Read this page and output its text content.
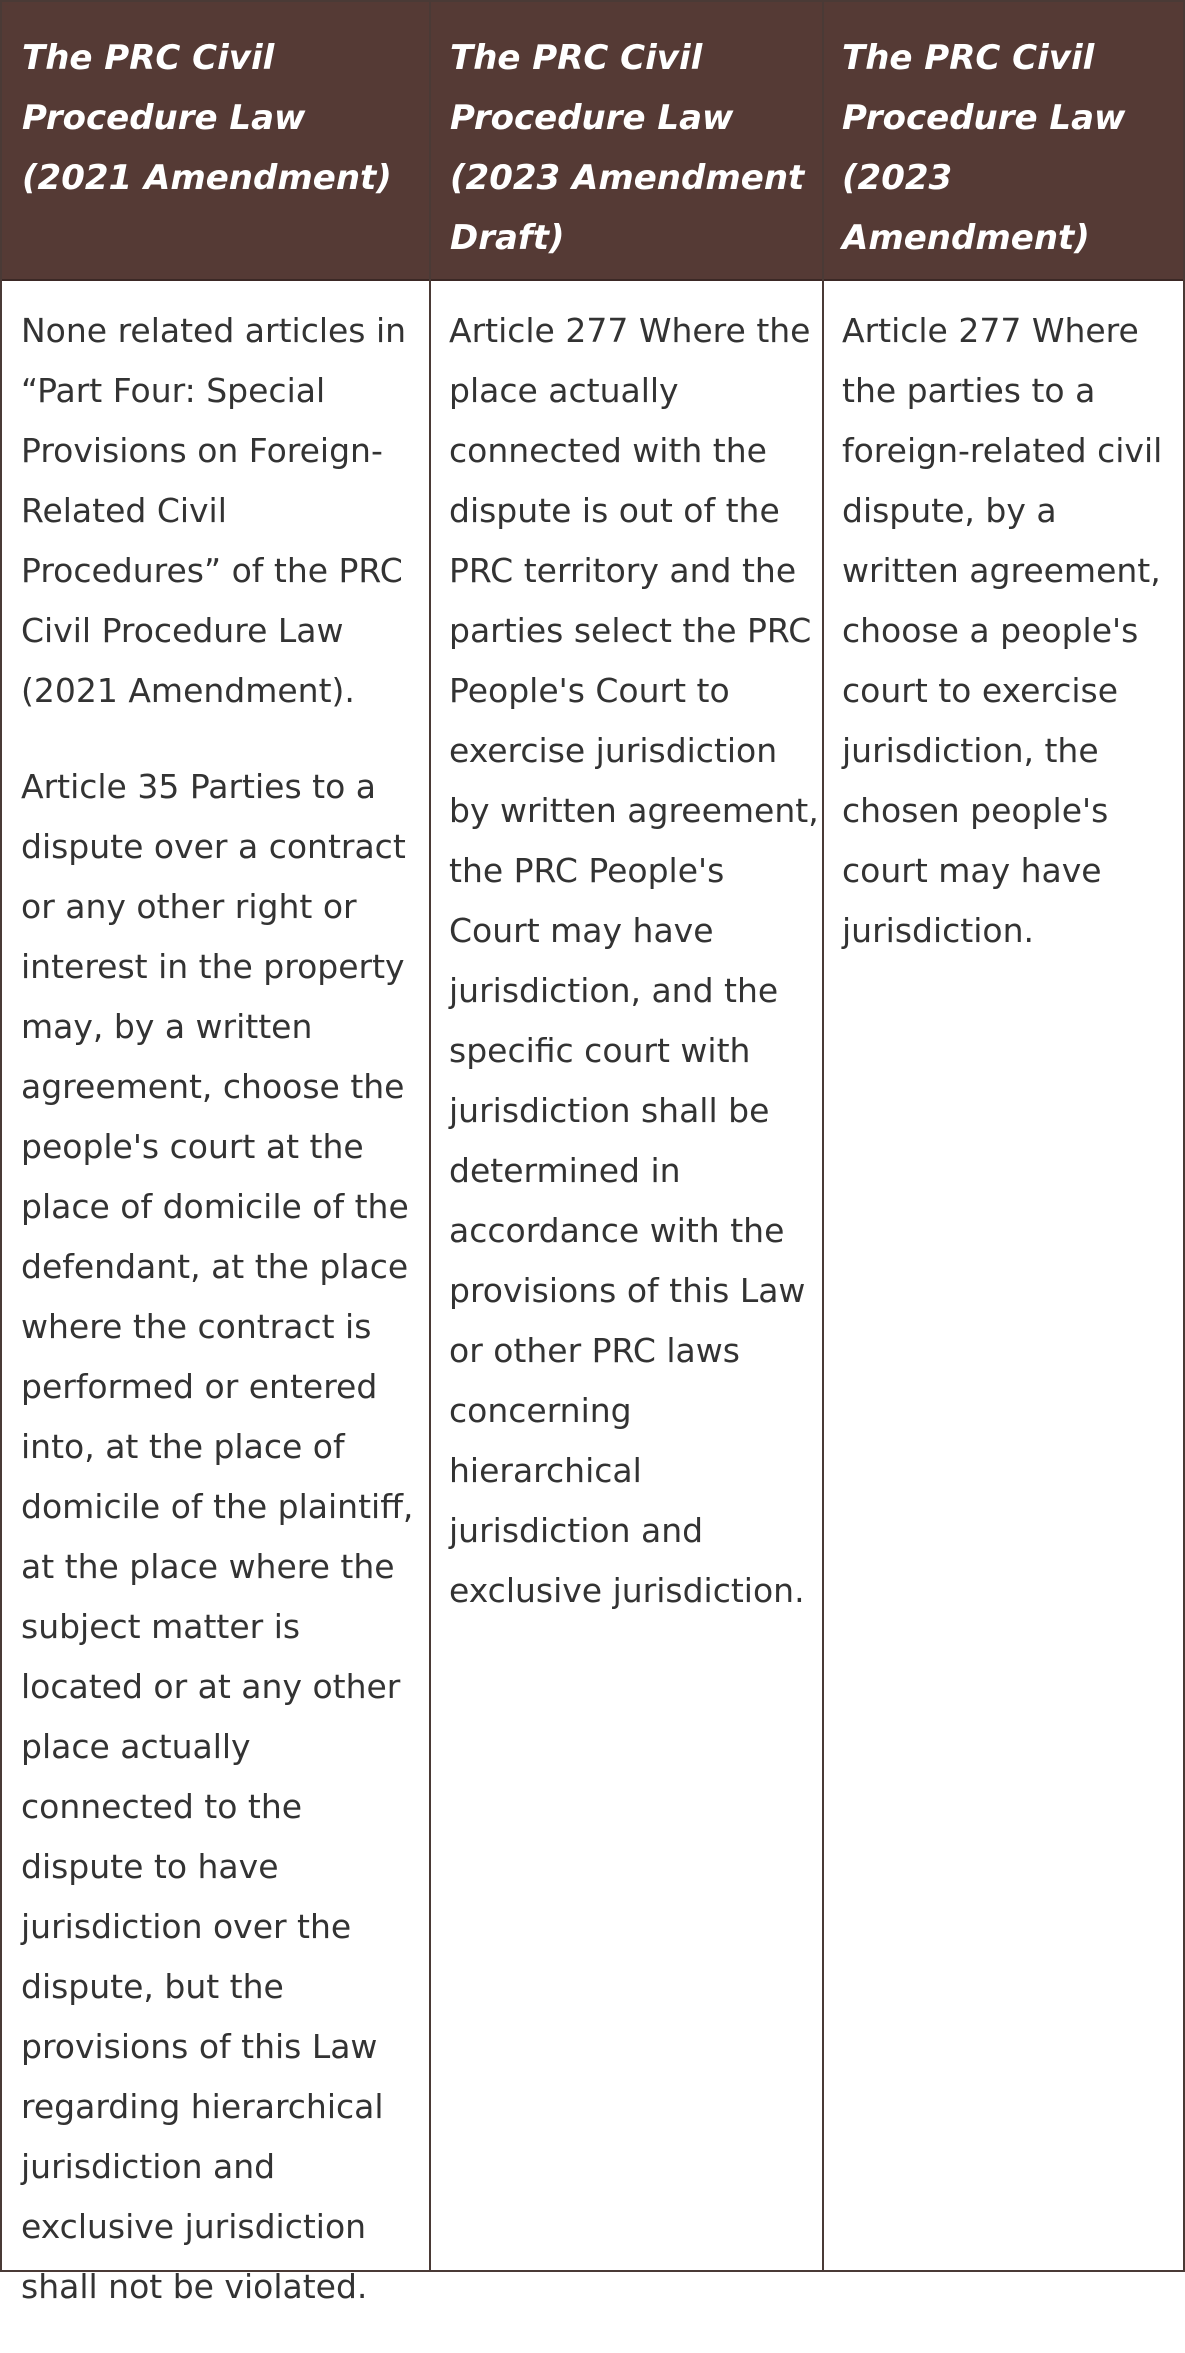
The PRC Civil Procedure Law (2021 Amendment)
The PRC Civil Procedure Law (2023 Amendment Draft)
The PRC Civil Procedure Law (2023 Amendment)

None related articles in “Part Four: Special Provisions on Foreign-Related Civil Procedures” of the PRC Civil Procedure Law (2021 Amendment).

Article 35 Parties to a dispute over a contract or any other right or interest in the property may, by a written agreement, choose the people's court at the place of domicile of the defendant, at the place where the contract is performed or entered into, at the place of domicile of the plaintiff, at the place where the subject matter is located or at any other place actually connected to the dispute to have jurisdiction over the dispute, but the provisions of this Law regarding hierarchical jurisdiction and exclusive jurisdiction shall not be violated.

Article 277 Where the place actually connected with the dispute is out of the PRC territory and the parties select the PRC People's Court to exercise jurisdiction by written agreement, the PRC People's Court may have jurisdiction, and the specific court with jurisdiction shall be determined in accordance with the provisions of this Law or other PRC laws concerning hierarchical jurisdiction and exclusive jurisdiction.

Article 277 Where the parties to a foreign-related civil dispute, by a written agreement, choose a people's court to exercise jurisdiction, the chosen people's court may have jurisdiction.
